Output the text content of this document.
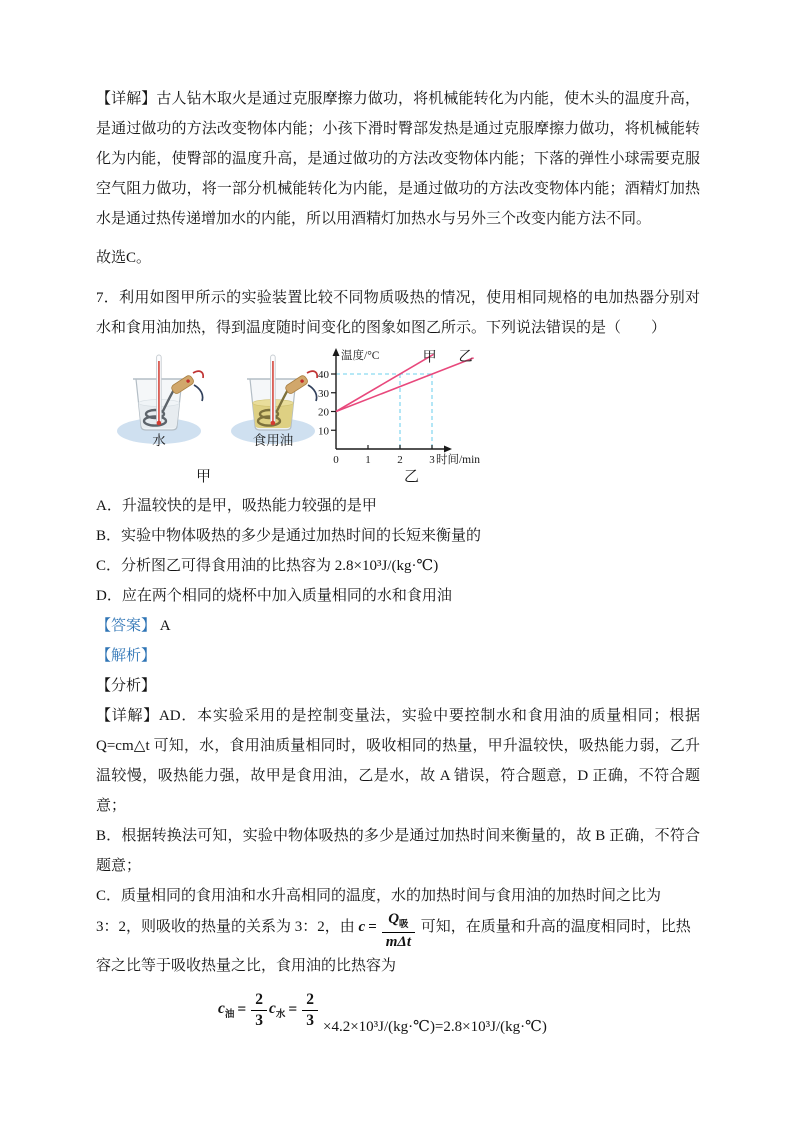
【详解】古人钻木取火是通过克服摩擦力做功，将机械能转化为内能，使木头的温度升高，是通过做功的方法改变物体内能；小孩下滑时臀部发热是通过克服摩擦力做功，将机械能转化为内能，使臀部的温度升高，是通过做功的方法改变物体内能；下落的弹性小球需要克服空气阻力做功，将一部分机械能转化为内能，是通过做功的方法改变物体内能；酒精灯加热水是通过热传递增加水的内能，所以用酒精灯加热水与另外三个改变内能方法不同。

故选C。

7．利用如图甲所示的实验装置比较不同物质吸热的情况，使用相同规格的电加热器分别对水和食用油加热，得到温度随时间变化的图象如图乙所示。下列说法错误的是（　　）

水	食用油
10
20
30
40
0 1 2 3
温度/°C
时间/min
甲 乙
甲	乙

A．升温较快的是甲，吸热能力较强的是甲

B．实验中物体吸热的多少是通过加热时间的长短来衡量的

C．分析图乙可得食用油的比热容为 2.8×10³J/(kg·℃)

D．应在两个相同的烧杯中加入质量相同的水和食用油

【答案】 A

【解析】

【分析】

【详解】AD．本实验采用的是控制变量法，实验中要控制水和食用油的质量相同；根据 Q=cm△t 可知，水，食用油质量相同时，吸收相同的热量，甲升温较快，吸热能力弱，乙升温较慢，吸热能力强，故甲是食用油，乙是水，故 A 错误，符合题意，D 正确，不符合题意；

B．根据转换法可知，实验中物体吸热的多少是通过加热时间来衡量的，故 B 正确，不符合题意；

C．质量相同的食用油和水升高相同的温度，水的加热时间与食用油的加热时间之比为

3：2，则吸收的热量的关系为 3：2，由 $c = \frac{Q_吸}{\text{mΔt}}$ 可知，在质量和升高的温度相同时，比热

容之比等于吸收热量之比，食用油的比热容为

$c_油 = \frac{2}{3} c_水 = \frac{2}{3}$ ×4.2×10³J/(kg·℃)=2.8×10³J/(kg·℃)
